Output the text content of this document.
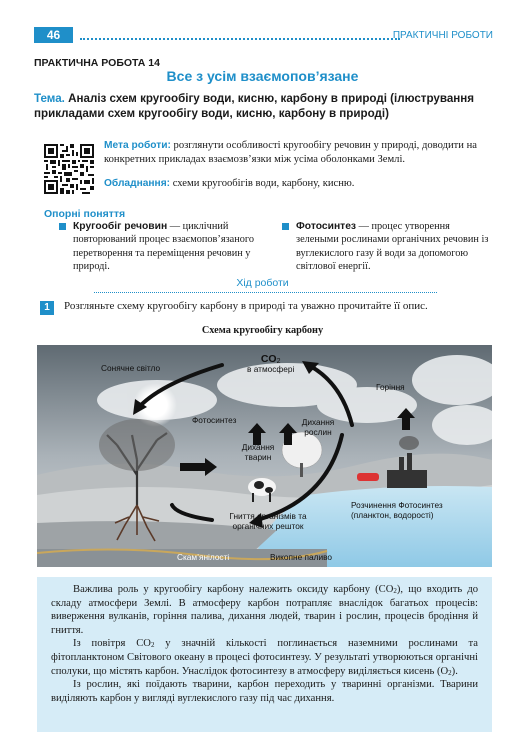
46	ПРАКТИЧНІ РОБОТИ
ПРАКТИЧНА РОБОТА 14
Все з усім взаємопов’язане
Тема. Аналіз схем кругообігу води, кисню, карбону в природі (ілюстрування прикладами схем кругообігу води, кисню, карбону в природі)
Мета роботи: розглянути особливості кругообігу речовин у природі, доводити на конкретних прикладах взаємозв’язки між усіма оболонками Землі.
Обладнання: схеми кругообігів води, карбону, кисню.
Опорні поняття
Кругообіг речовин — циклічний повторюваний процес взаємопов’язаного перетворення та переміщення речовин у природі.
Фотосинтез — процес утворення зелеными рослинами органічних речовин із вуглекислого газу й води за допомогою світлової енергії.
Хід роботи
1	Розгляньте схему кругообігу карбону в природі та уважно прочитайте її опис.
Схема кругообігу карбону
Сонячне світло
$CO_2$
в атмосфері
Фотосинтез
Дихання тварин
Дихання рослин
Горіння
Гниття організмів та органічних решток
Розчинення Фотосинтез (планктон, водорості)
Скам’янілості	Викопне паливо

Важлива роль у кругообігу карбону належить оксиду карбону $(CO_2)$, що входить до складу атмосфери Землі. В атмосферу карбон потрапляє внаслідок багатьох процесів: виверження вулканів, горіння палива, дихання людей, тварин і рослин, процесів бродіння й гниття.

Із повітря $CO_2$ у значній кількості поглинається наземними рослинами та фітопланктоном Світового океану в процесі фотосинтезу. У результаті утворюються органічні сполуки, що містять карбон. Унаслідок фотосинтезу в атмосферу виділяється кисень $(O_2)$.

Із рослин, які поїдають тварини, карбон переходить у тваринні організми. Тварини виділяють карбон у вигляді вуглекислого газу під час дихання.
